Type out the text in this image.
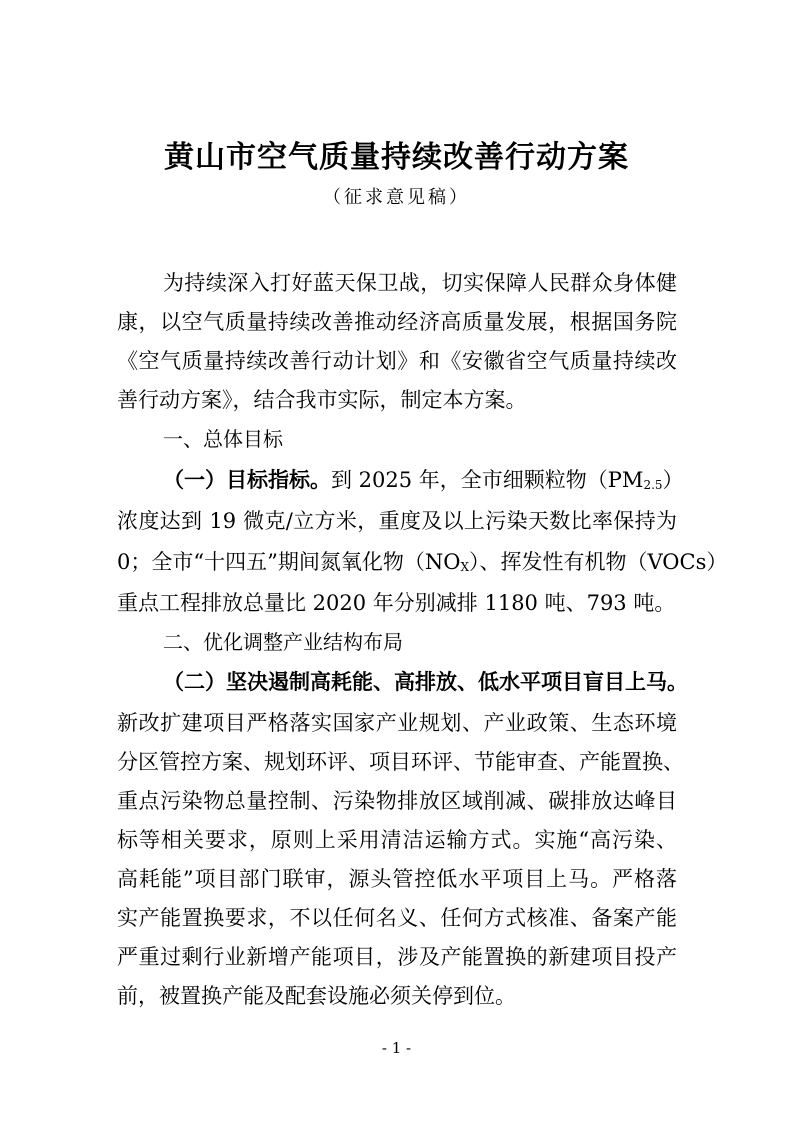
黄山市空气质量持续改善行动方案
（征求意见稿）
为持续深入打好蓝天保卫战，切实保障人民群众身体健
康，以空气质量持续改善推动经济高质量发展，根据国务院
《空气质量持续改善行动计划》和《安徽省空气质量持续改
善行动方案》，结合我市实际，制定本方案。
一、总体目标
（一）目标指标。到 2025 年，全市细颗粒物（PM2.5）
浓度达到 19 微克/立方米，重度及以上污染天数比率保持为
0；全市“十四五”期间氮氧化物（NOX）、挥发性有机物（VOCs）
重点工程排放总量比 2020 年分别减排 1180 吨、793 吨。
二、优化调整产业结构布局
（二）坚决遏制高耗能、高排放、低水平项目盲目上马。
新改扩建项目严格落实国家产业规划、产业政策、生态环境
分区管控方案、规划环评、项目环评、节能审查、产能置换、
重点污染物总量控制、污染物排放区域削减、碳排放达峰目
标等相关要求，原则上采用清洁运输方式。实施“高污染、
高耗能”项目部门联审，源头管控低水平项目上马。严格落
实产能置换要求，不以任何名义、任何方式核准、备案产能
严重过剩行业新增产能项目，涉及产能置换的新建项目投产
前，被置换产能及配套设施必须关停到位。
- 1 -
